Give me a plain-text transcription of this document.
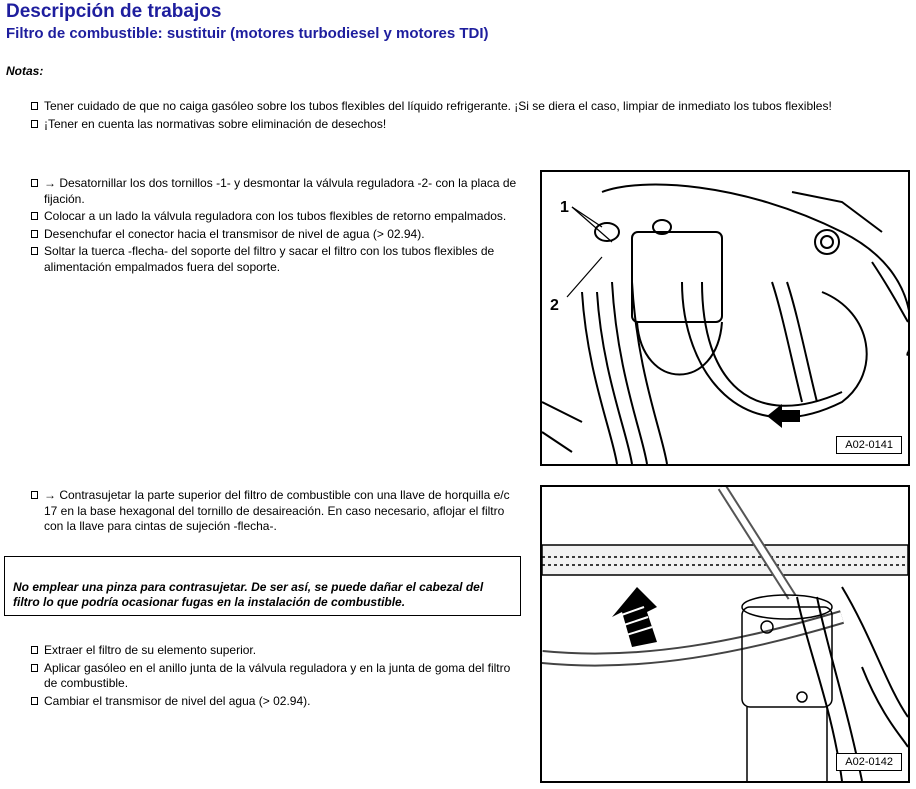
Descripción de trabajos
Filtro de combustible: sustituir (motores turbodiesel y motores TDI)
Notas:
Tener cuidado de que no caiga gasóleo sobre los tubos flexibles del líquido refrigerante. ¡Si se diera el caso, limpiar de inmediato los tubos flexibles!
¡Tener en cuenta las normativas sobre eliminación de desechos!
→ Desatornillar los dos tornillos -1- y desmontar la válvula reguladora -2- con la placa de fijación.
Colocar a un lado la válvula reguladora con los tubos flexibles de retorno empalmados.
Desenchufar el conector hacia el transmisor de nivel de agua (> 02.94).
Soltar la tuerca -flecha- del soporte del filtro y sacar el filtro con los tubos flexibles de alimentación empalmados fuera del soporte.
1
2
A02-0141
→ Contrasujetar la parte superior del filtro de combustible con una llave de horquilla e/c 17 en la base hexagonal del tornillo de desaireación. En caso necesario, aflojar el filtro con la llave para cintas de sujeción -flecha-.
A02-0142
No emplear una pinza para contrasujetar. De ser así, se puede dañar el cabezal del filtro lo que podría ocasionar fugas en la instalación de combustible.
Extraer el filtro de su elemento superior.
Aplicar gasóleo en el anillo junta de la válvula reguladora y en la junta de goma del filtro de combustible.
Cambiar el transmisor de nivel del agua (> 02.94).
